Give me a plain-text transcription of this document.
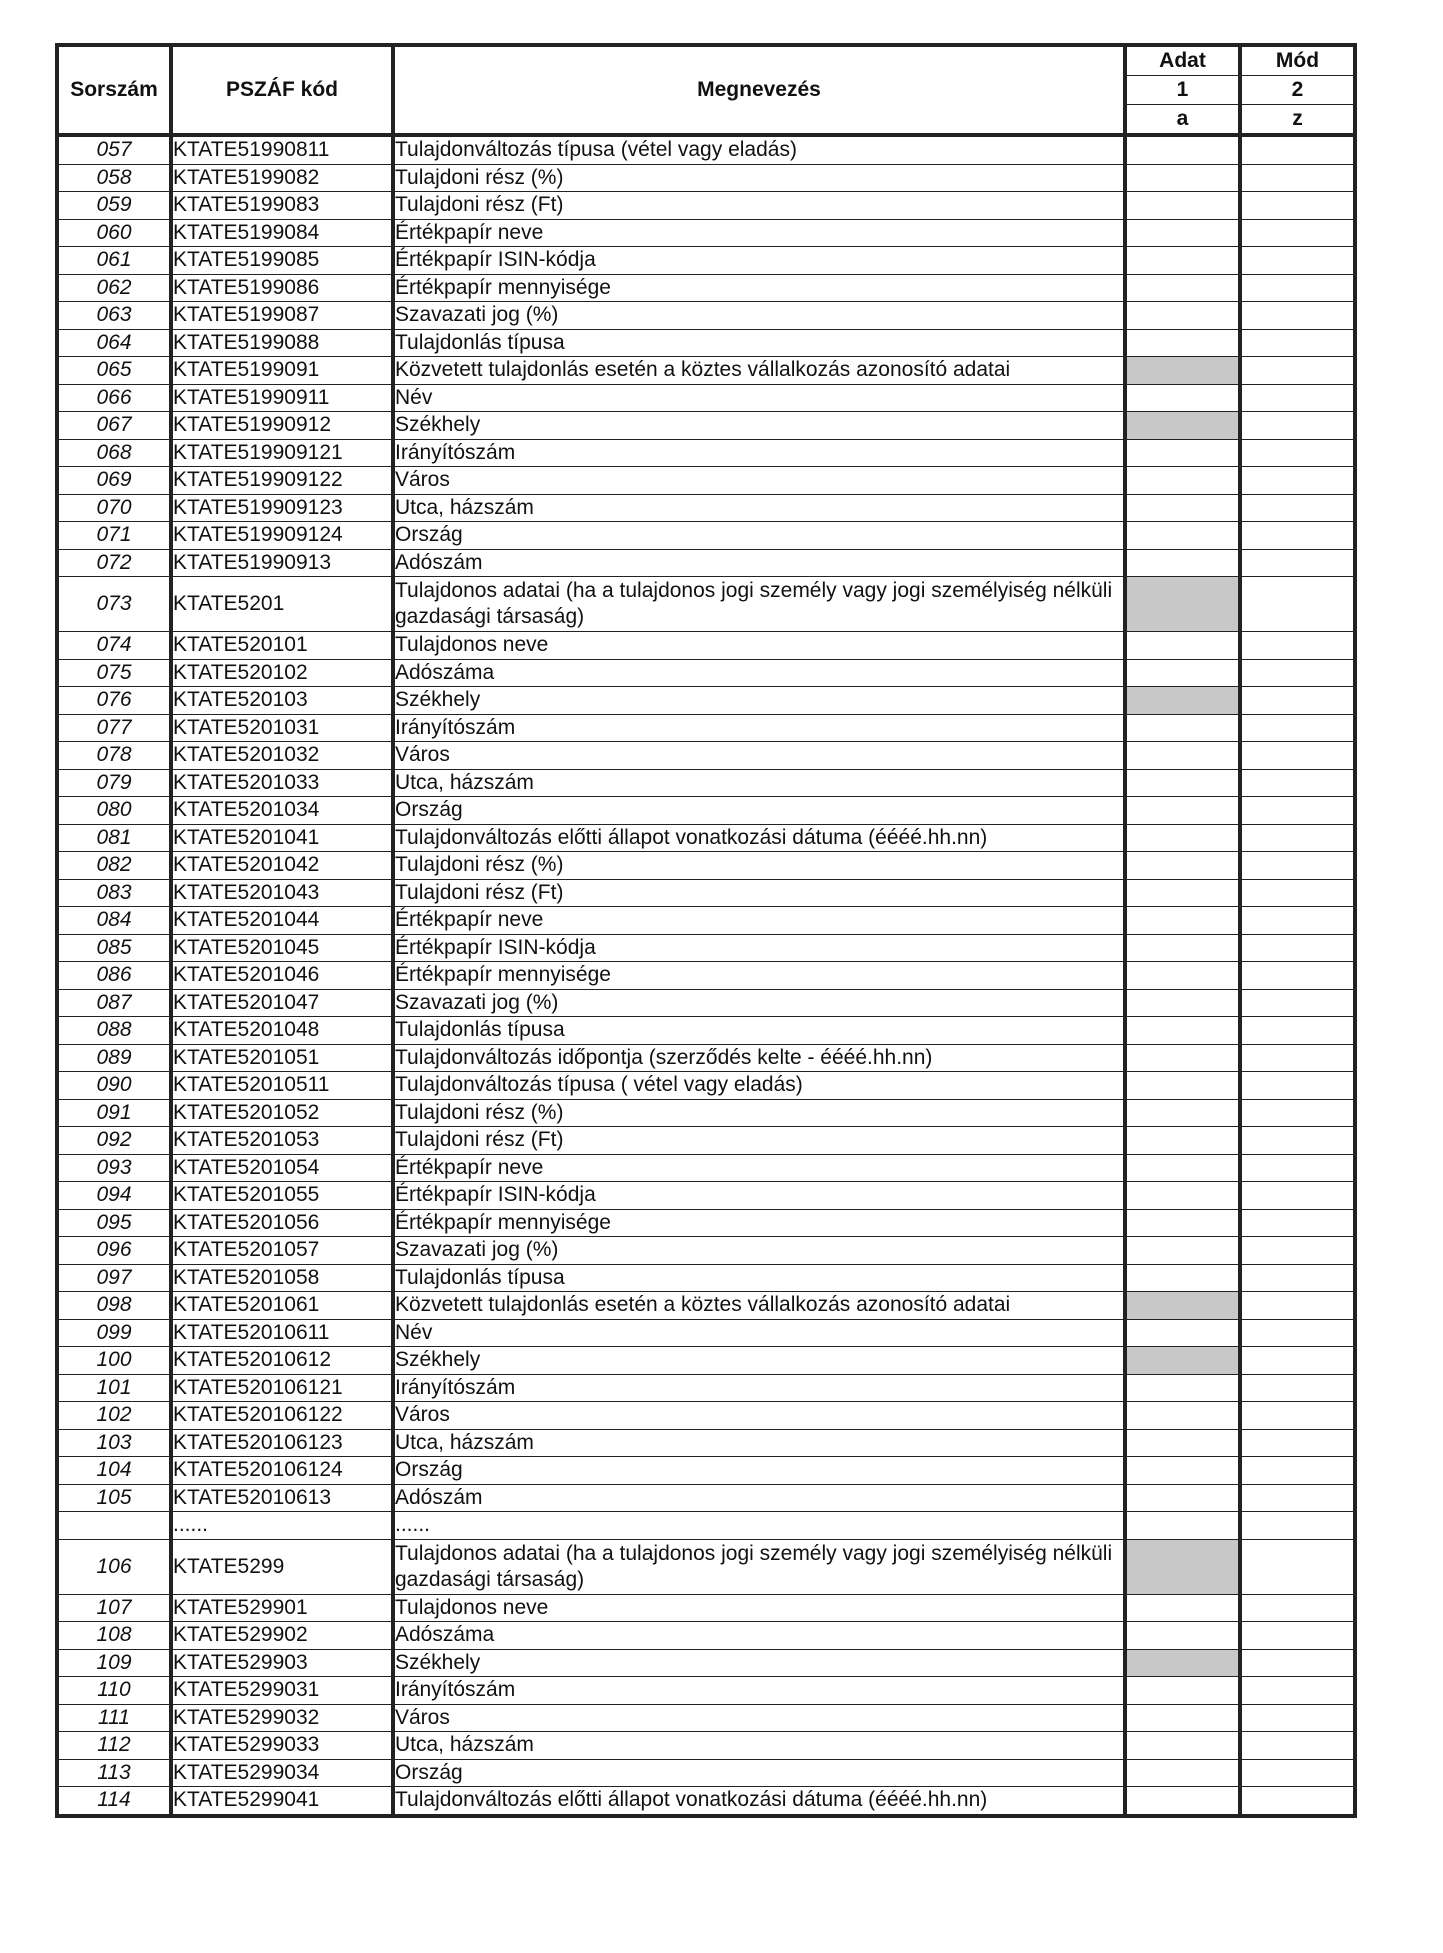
Sorszám	PSZÁF kód	Megnevezés	Adat	Mód
			1	2
			a	z
057	KTATE51990811	Tulajdonváltozás típusa (vétel vagy eladás)		
058	KTATE5199082	Tulajdoni rész (%)		
059	KTATE5199083	Tulajdoni rész (Ft)		
060	KTATE5199084	Értékpapír neve		
061	KTATE5199085	Értékpapír ISIN-kódja		
062	KTATE5199086	Értékpapír mennyisége		
063	KTATE5199087	Szavazati jog (%)		
064	KTATE5199088	Tulajdonlás típusa		
065	KTATE5199091	Közvetett tulajdonlás esetén a köztes vállalkozás azonosító adatai		
066	KTATE51990911	Név		
067	KTATE51990912	Székhely		
068	KTATE519909121	Irányítószám		
069	KTATE519909122	Város		
070	KTATE519909123	Utca, házszám		
071	KTATE519909124	Ország		
072	KTATE51990913	Adószám		
073	KTATE5201	Tulajdonos adatai (ha a tulajdonos jogi személy vagy jogi személyiség nélküli gazdasági társaság)		
074	KTATE520101	Tulajdonos neve		
075	KTATE520102	Adószáma		
076	KTATE520103	Székhely		
077	KTATE5201031	Irányítószám		
078	KTATE5201032	Város		
079	KTATE5201033	Utca, házszám		
080	KTATE5201034	Ország		
081	KTATE5201041	Tulajdonváltozás előtti állapot vonatkozási dátuma (éééé.hh.nn)		
082	KTATE5201042	Tulajdoni rész (%)		
083	KTATE5201043	Tulajdoni rész (Ft)		
084	KTATE5201044	Értékpapír neve		
085	KTATE5201045	Értékpapír ISIN-kódja		
086	KTATE5201046	Értékpapír mennyisége		
087	KTATE5201047	Szavazati jog (%)		
088	KTATE5201048	Tulajdonlás típusa		
089	KTATE5201051	Tulajdonváltozás időpontja (szerződés kelte - éééé.hh.nn)		
090	KTATE52010511	Tulajdonváltozás típusa ( vétel vagy eladás)		
091	KTATE5201052	Tulajdoni rész (%)		
092	KTATE5201053	Tulajdoni rész (Ft)		
093	KTATE5201054	Értékpapír neve		
094	KTATE5201055	Értékpapír ISIN-kódja		
095	KTATE5201056	Értékpapír mennyisége		
096	KTATE5201057	Szavazati jog (%)		
097	KTATE5201058	Tulajdonlás típusa		
098	KTATE5201061	Közvetett tulajdonlás esetén a köztes vállalkozás azonosító adatai		
099	KTATE52010611	Név		
100	KTATE52010612	Székhely		
101	KTATE520106121	Irányítószám		
102	KTATE520106122	Város		
103	KTATE520106123	Utca, házszám		
104	KTATE520106124	Ország		
105	KTATE52010613	Adószám		
	......	......		
106	KTATE5299	Tulajdonos adatai (ha a tulajdonos jogi személy vagy jogi személyiség nélküli gazdasági társaság)		
107	KTATE529901	Tulajdonos neve		
108	KTATE529902	Adószáma		
109	KTATE529903	Székhely		
110	KTATE5299031	Irányítószám		
111	KTATE5299032	Város		
112	KTATE5299033	Utca, házszám		
113	KTATE5299034	Ország		
114	KTATE5299041	Tulajdonváltozás előtti állapot vonatkozási dátuma (éééé.hh.nn)		
